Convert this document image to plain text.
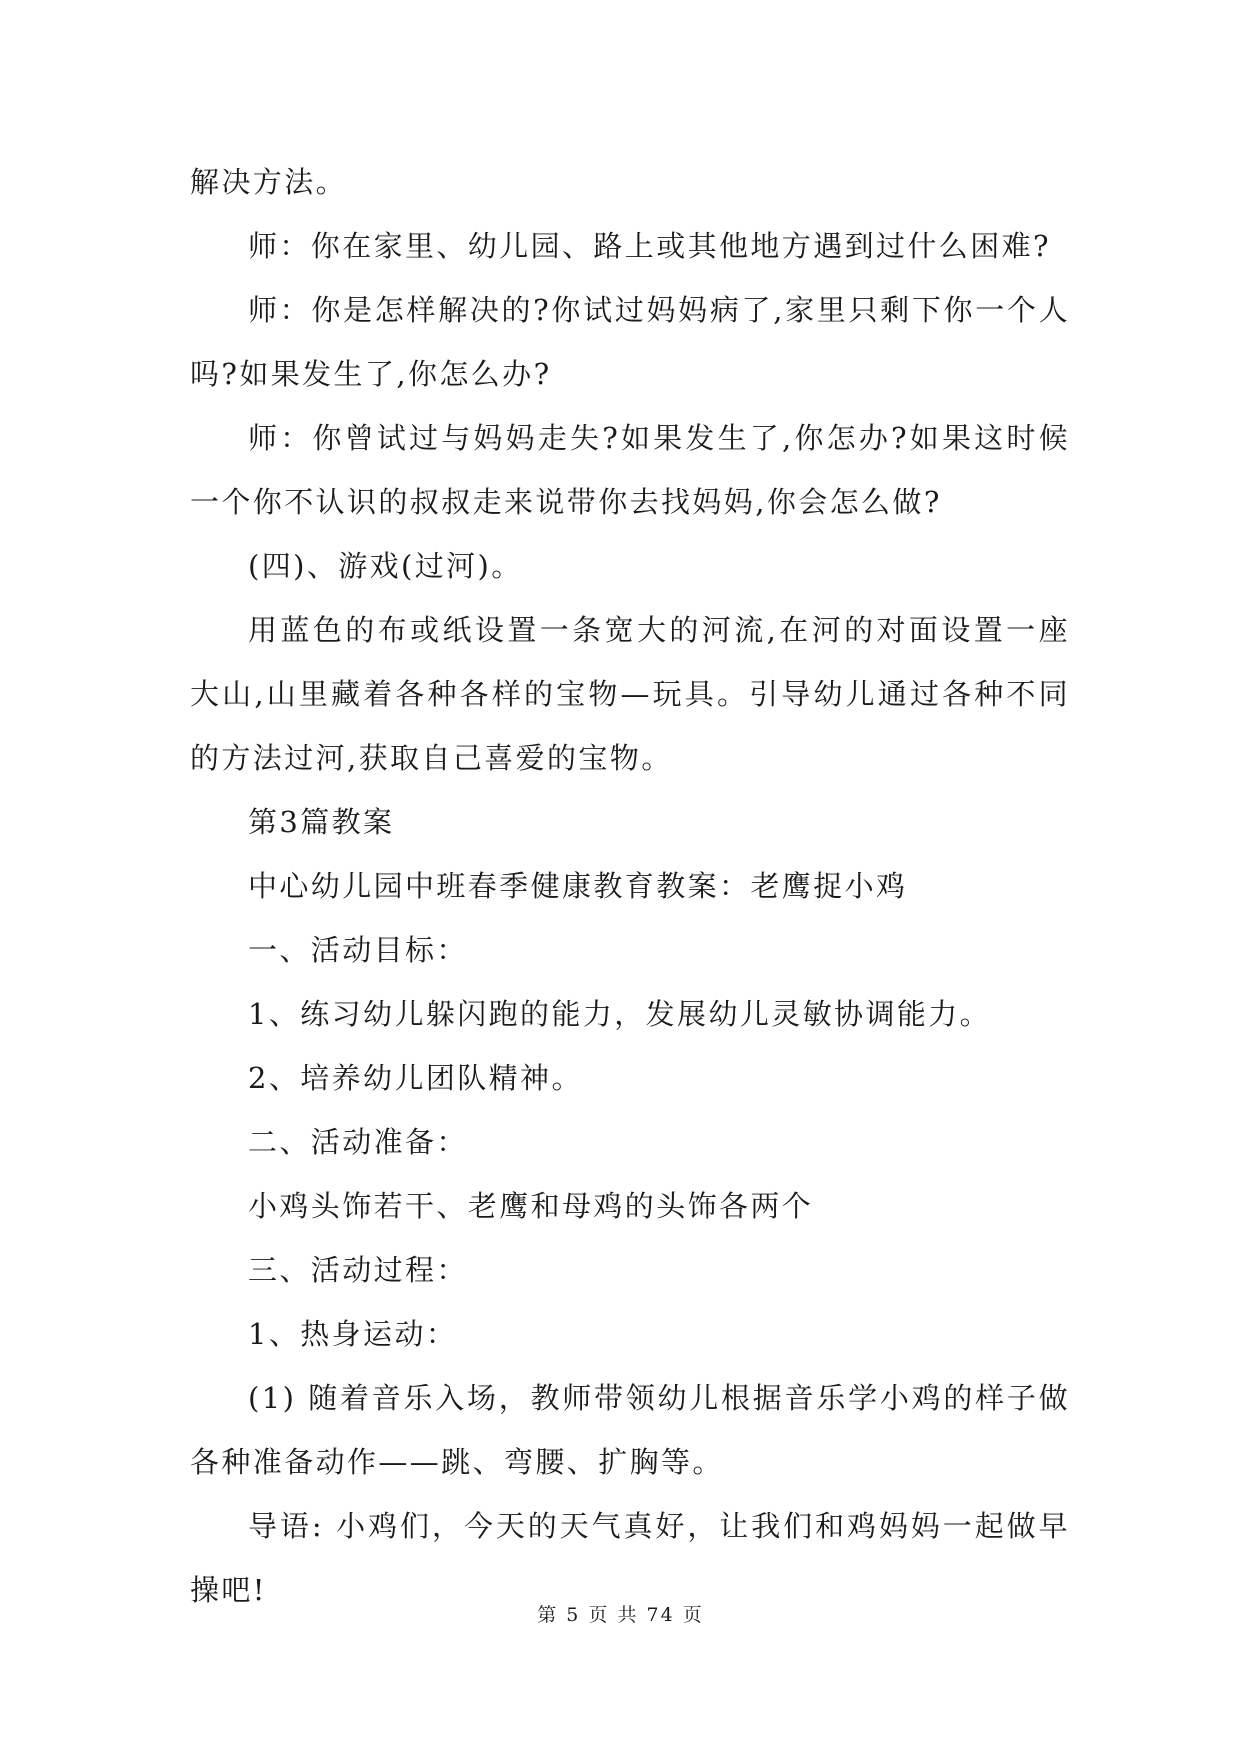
解决方法。

师：你在家里、幼儿园、路上或其他地方遇到过什么困难?

师：你是怎样解决的?你试过妈妈病了,家里只剩下你一个人吗?如果发生了,你怎么办?

师：你曾试过与妈妈走失?如果发生了,你怎办?如果这时候一个你不认识的叔叔走来说带你去找妈妈,你会怎么做?

(四)、游戏(过河)。

用蓝色的布或纸设置一条宽大的河流,在河的对面设置一座大山,山里藏着各种各样的宝物—玩具。引导幼儿通过各种不同的方法过河,获取自己喜爱的宝物。

第3篇教案

中心幼儿园中班春季健康教育教案：老鹰捉小鸡

一、活动目标：

1、练习幼儿躲闪跑的能力，发展幼儿灵敏协调能力。

2、培养幼儿团队精神。

二、活动准备：

小鸡头饰若干、老鹰和母鸡的头饰各两个

三、活动过程：

1、热身运动：

(1) 随着音乐入场，教师带领幼儿根据音乐学小鸡的样子做各种准备动作——跳、弯腰、扩胸等。

导语: 小鸡们，今天的天气真好，让我们和鸡妈妈一起做早操吧!

第 5 页 共 74 页
